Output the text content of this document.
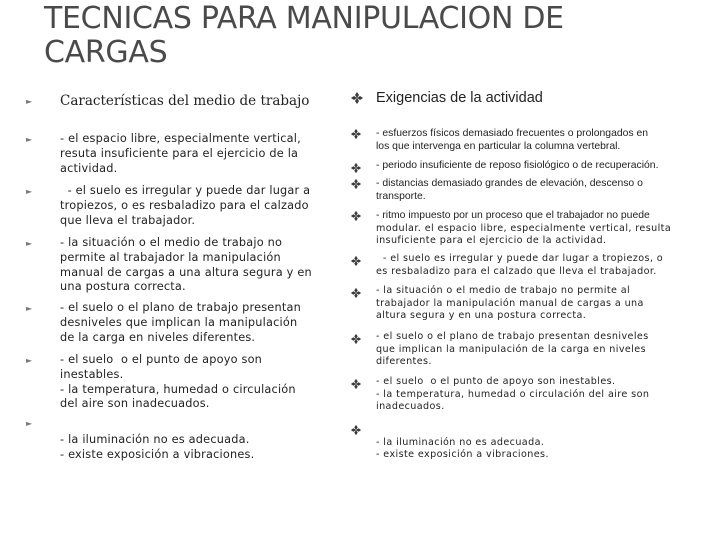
TECNICAS PARA MANIPULACION DE
CARGAS
► Características del medio de trabajo
► - el espacio libre, especialmente vertical,
resuta insuficiente para el ejercicio de la
actividad.
► - el suelo es irregular y puede dar lugar a
tropiezos, o es resbaladizo para el calzado
que lleva el trabajador.
► - la situación o el medio de trabajo no
permite al trabajador la manipulación
manual de cargas a una altura segura y en
una postura correcta.
► - el suelo o el plano de trabajo presentan
desniveles que implican la manipulación
de la carga en niveles diferentes.
► - el suelo  o el punto de apoyo son
inestables.
- la temperatura, humedad o circulación
del aire son inadecuados.
►
- la iluminación no es adecuada.
- existe exposición a vibraciones.
Exigencias de la actividad
- esfuerzos físicos demasiado frecuentes o prolongados en
los que intervenga en particular la columna vertebral.
- periodo insuficiente de reposo fisiológico o de recuperación.
- distancias demasiado grandes de elevación, descenso o
transporte.
- ritmo impuesto por un proceso que el trabajador no puede
modular. el espacio libre, especialmente vertical, resulta
insuficiente para el ejercicio de la actividad.
- el suelo es irregular y puede dar lugar a tropiezos, o
es resbaladizo para el calzado que lleva el trabajador.
- la situación o el medio de trabajo no permite al
trabajador la manipulación manual de cargas a una
altura segura y en una postura correcta.
- el suelo o el plano de trabajo presentan desniveles
que implican la manipulación de la carga en niveles
diferentes.
- el suelo  o el punto de apoyo son inestables.
- la temperatura, humedad o circulación del aire son
inadecuados.
- la iluminación no es adecuada.
- existe exposición a vibraciones.
